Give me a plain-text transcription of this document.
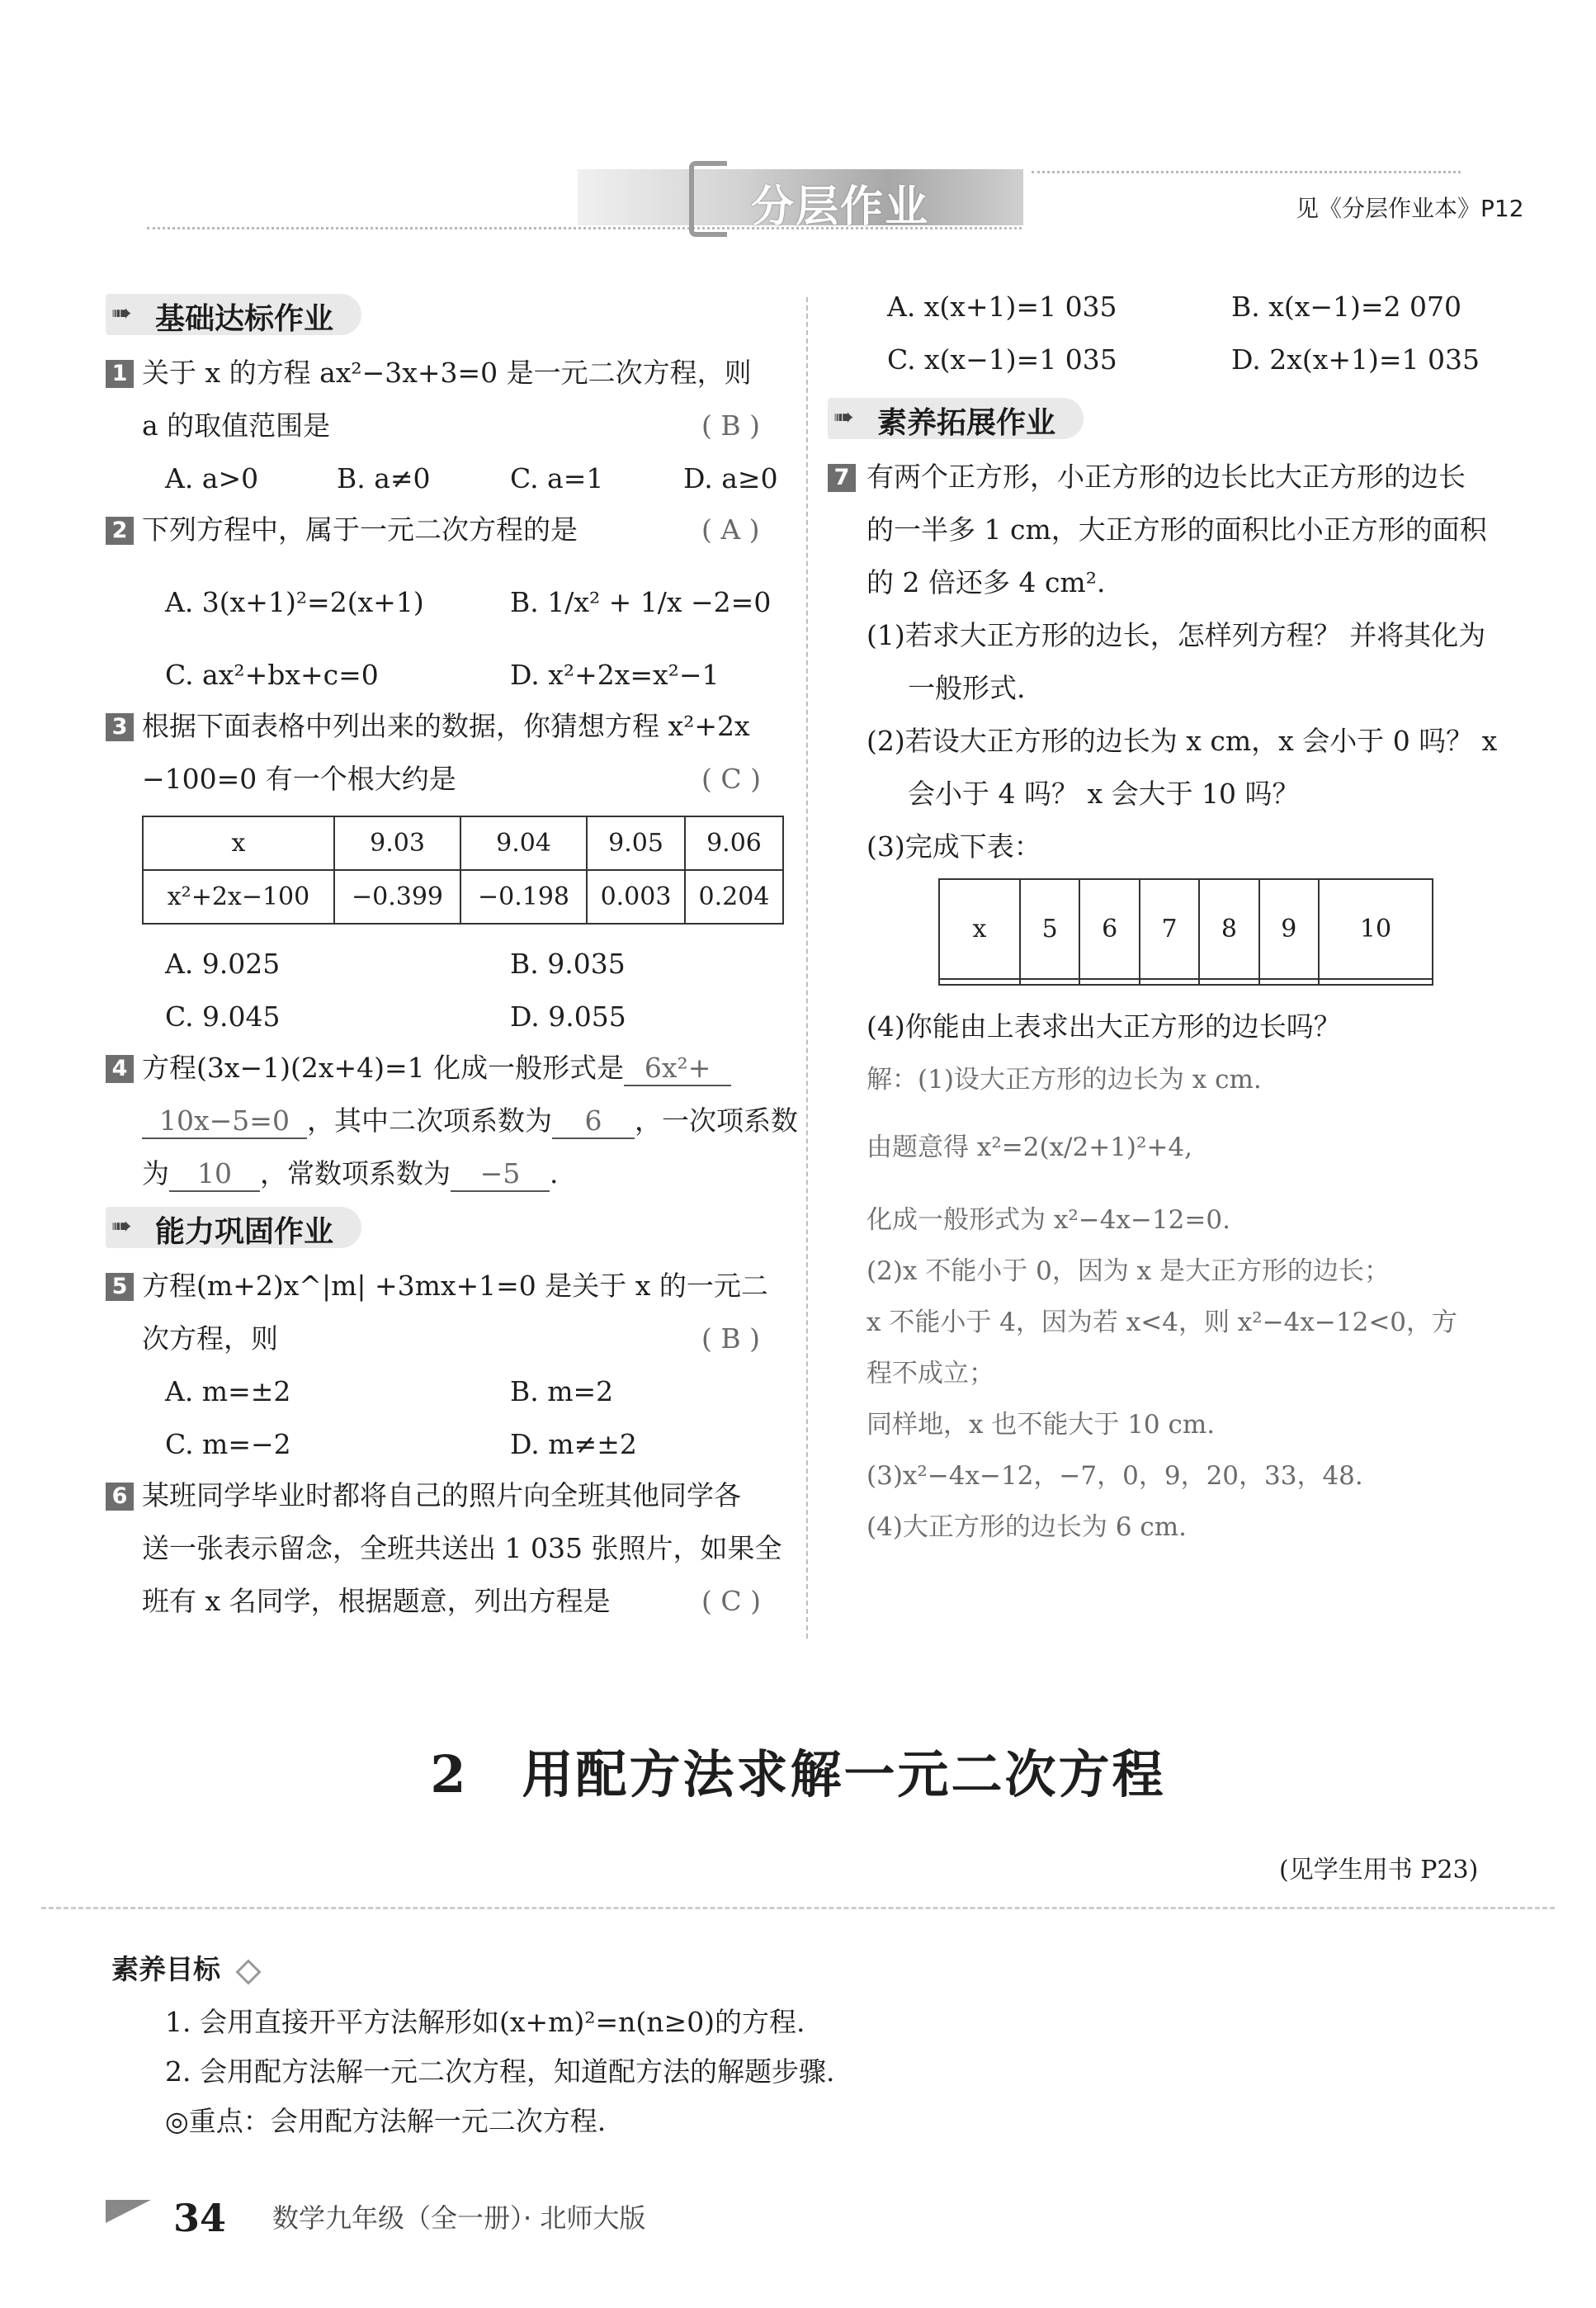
分层作业	见《分层作业本》P12
➠ 基础达标作业
1 关于 x 的方程 ax²−3x+3=0 是一元二次方程，则
a 的取值范围是	( B )
A. a>0	B. a≠0	C. a=1	D. a≥0
2 下列方程中，属于一元二次方程的是	( A )
A. 3(x+1)²=2(x+1)	B. 1/x² + 1/x −2=0
C. ax²+bx+c=0	D. x²+2x=x²−1
3 根据下面表格中列出来的数据，你猜想方程 x²+2x
−100=0 有一个根大约是	( C )
x	9.03	9.04	9.05	9.06
x²+2x−100	−0.399	−0.198	0.003	0.204
A. 9.025	B. 9.035
C. 9.045	D. 9.055
4 方程(3x−1)(2x+4)=1 化成一般形式是 6x²+
10x−5=0 ，其中二次项系数为 6 ，一次项系数
为 10 ，常数项系数为 −5 .
➠ 能力巩固作业
5 方程(m+2)x^|m| +3mx+1=0 是关于 x 的一元二
次方程，则	( B )
A. m=±2	B. m=2
C. m=−2	D. m≠±2
6 某班同学毕业时都将自己的照片向全班其他同学各
送一张表示留念，全班共送出 1 035 张照片，如果全
班有 x 名同学，根据题意，列出方程是	( C )
A. x(x+1)=1 035	B. x(x−1)=2 070
C. x(x−1)=1 035	D. 2x(x+1)=1 035
➠ 素养拓展作业
7 有两个正方形，小正方形的边长比大正方形的边长
的一半多 1 cm，大正方形的面积比小正方形的面积
的 2 倍还多 4 cm².
(1)若求大正方形的边长，怎样列方程？ 并将其化为
一般形式.
(2)若设大正方形的边长为 x cm，x 会小于 0 吗？ x
会小于 4 吗？ x 会大于 10 吗？
(3)完成下表：
x	5	6	7	8	9	10

(4)你能由上表求出大正方形的边长吗？
解：(1)设大正方形的边长为 x cm.
由题意得 x²=2(x/2+1)²+4,
化成一般形式为 x²−4x−12=0.
(2)x 不能小于 0，因为 x 是大正方形的边长；
x 不能小于 4，因为若 x<4，则 x²−4x−12<0，方
程不成立；
同样地，x 也不能大于 10 cm.
(3)x²−4x−12，−7，0，9，20，33，48.
(4)大正方形的边长为 6 cm.
2　用配方法求解一元二次方程
(见学生用书 P23)
素养目标
1. 会用直接开平方法解形如(x+m)²=n(n≥0)的方程.
2. 会用配方法解一元二次方程，知道配方法的解题步骤.
◎重点：会用配方法解一元二次方程.
34 数学九年级（全一册）· 北师大版
